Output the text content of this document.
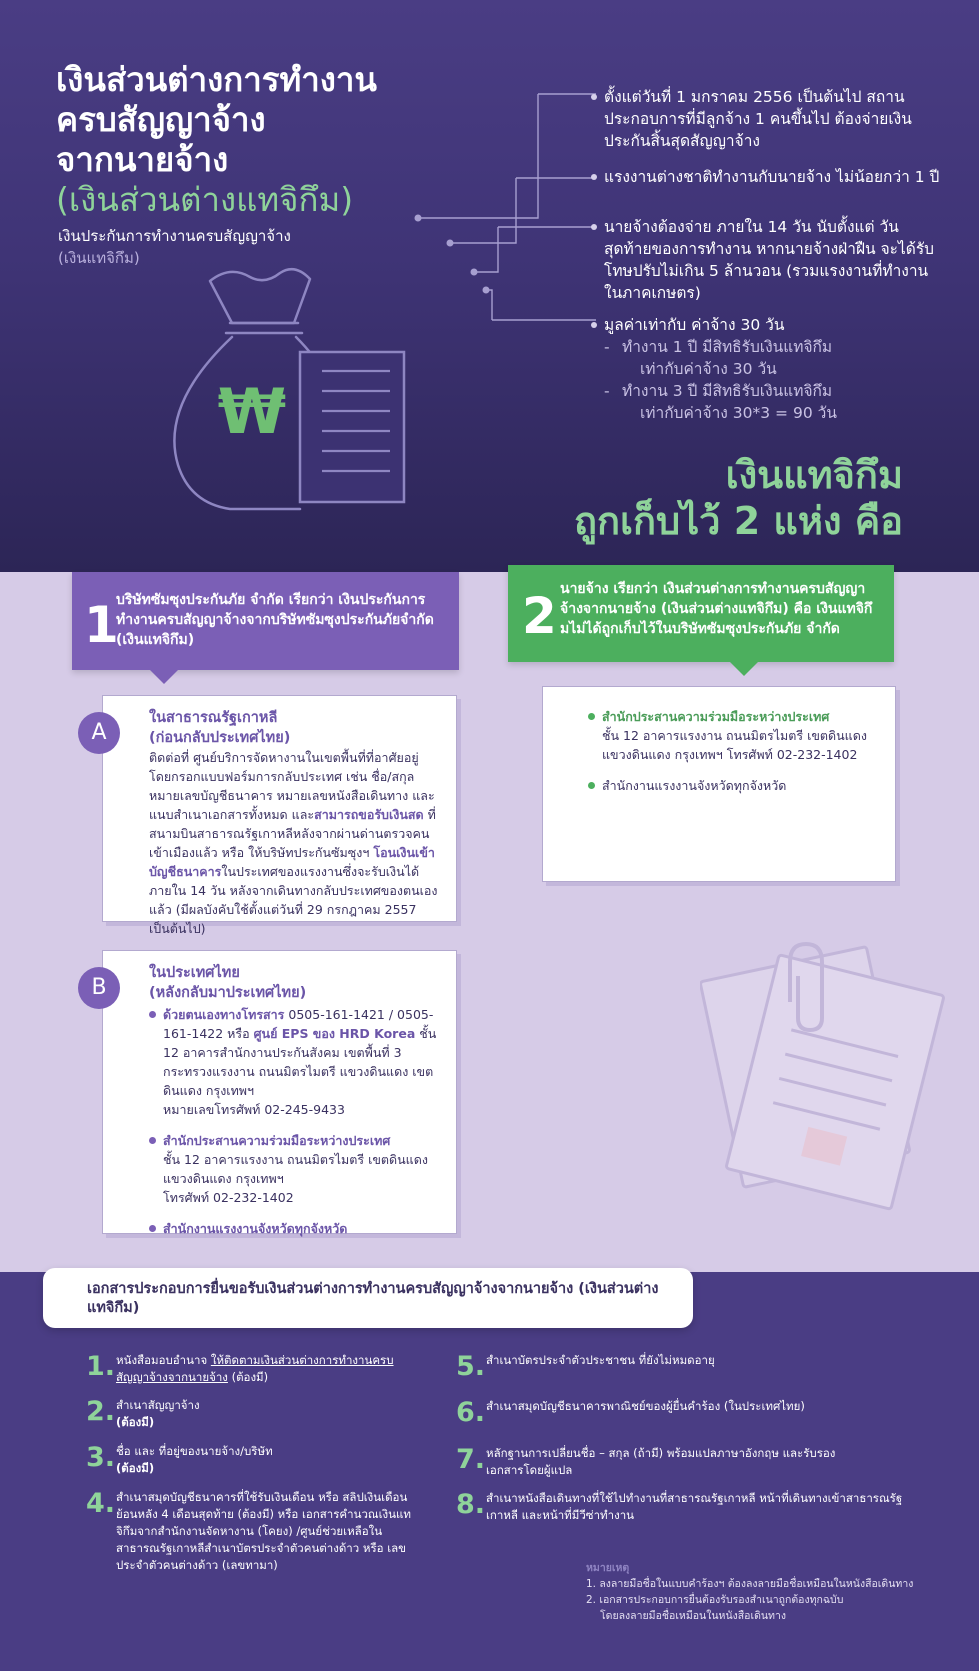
เงินส่วนต่างการทำงาน
ครบสัญญาจ้าง
จากนายจ้าง
(เงินส่วนต่างแทจิกึม)
เงินประกันการทำงานครบสัญญาจ้าง
(เงินแทจิกึม)
₩
ตั้งแต่วันที่ 1 มกราคม 2556 เป็นต้นไป สถานประกอบการที่มีลูกจ้าง 1 คนขึ้นไป ต้องจ่ายเงินประกันสิ้นสุดสัญญาจ้าง
แรงงานต่างชาติทำงานกับนายจ้าง ไม่น้อยกว่า 1 ปี
นายจ้างต้องจ่าย ภายใน 14 วัน นับตั้งแต่ วันสุดท้ายของการทำงาน หากนายจ้างฝ่าฝืน จะได้รับโทษปรับไม่เกิน 5 ล้านวอน (รวมแรงงานที่ทำงานในภาคเกษตร)
มูลค่าเท่ากับ ค่าจ้าง 30 วัน
- ทำงาน 1 ปี มีสิทธิรับเงินแทจิกึม
เท่ากับค่าจ้าง 30 วัน
- ทำงาน 3 ปี มีสิทธิรับเงินแทจิกึม
เท่ากับค่าจ้าง 30*3 = 90 วัน
เงินแทจิกึม
ถูกเก็บไว้ 2 แห่ง คือ
1
บริษัทซัมซุงประกันภัย จำกัด เรียกว่า เงินประกันการทำงานครบสัญญาจ้างจากบริษัทซัมซุงประกันภัยจำกัด (เงินแทจิกึม)	2 นายจ้าง เรียกว่า เงินส่วนต่างการทำงานครบสัญญาจ้างจากนายจ้าง (เงินส่วนต่างแทจิกึม) คือ เงินแทจิกึมไม่ได้ถูกเก็บไว้ในบริษัทซัมซุงประกันภัย จำกัด
ในสาธารณรัฐเกาหลี
(ก่อนกลับประเทศไทย)
ติดต่อที่ ศูนย์บริการจัดหางานในเขตพื้นที่ที่อาศัยอยู่ โดยกรอกแบบฟอร์มการกลับประเทศ เช่น ชื่อ/สกุล หมายเลขบัญชีธนาคาร หมายเลขหนังสือเดินทาง และแนบสำเนาเอกสารทั้งหมด และสามารถขอรับเงินสด ที่สนามบินสาธารณรัฐเกาหลีหลังจากผ่านด่านตรวจคนเข้าเมืองแล้ว หรือ ให้บริษัทประกันซัมซุงฯ โอนเงินเข้าบัญชีธนาคารในประเทศของแรงงานซึ่งจะรับเงินได้ภายใน 14 วัน หลังจากเดินทางกลับประเทศของตนเองแล้ว (มีผลบังคับใช้ตั้งแต่วันที่ 29 กรกฎาคม 2557 เป็นต้นไป)
A
ในประเทศไทย
(หลังกลับมาประเทศไทย)
ด้วยตนเองทางโทรสาร 0505-161-1421 / 0505-161-1422 หรือ ศูนย์ EPS ของ HRD Korea ชั้น 12 อาคารสำนักงานประกันสังคม เขตพื้นที่ 3 กระทรวงแรงงาน ถนนมิตรไมตรี แขวงดินแดง เขตดินแดง กรุงเทพฯ
หมายเลขโทรศัพท์ 02-245-9433
สำนักประสานความร่วมมือระหว่างประเทศ
ชั้น 12 อาคารแรงงาน ถนนมิตรไมตรี เขตดินแดง แขวงดินแดง กรุงเทพฯ
โทรศัพท์ 02-232-1402
สำนักงานแรงงานจังหวัดทุกจังหวัด
B
สำนักประสานความร่วมมือระหว่างประเทศ
ชั้น 12 อาคารแรงงาน ถนนมิตรไมตรี เขตดินแดง แขวงดินแดง กรุงเทพฯ โทรศัพท์ 02-232-1402
สำนักงานแรงงานจังหวัดทุกจังหวัด
เอกสารประกอบการยื่นขอรับเงินส่วนต่างการทำงานครบสัญญาจ้างจากนายจ้าง (เงินส่วนต่างแทจิกึม)
1. หนังสือมอบอำนาจ ให้ติดตามเงินส่วนต่างการทำงานครบสัญญาจ้างจากนายจ้าง (ต้องมี)
2. สำเนาสัญญาจ้าง
(ต้องมี)
3. ชื่อ และ ที่อยู่ของนายจ้าง/บริษัท
(ต้องมี)
4. สำเนาสมุดบัญชีธนาคารที่ใช้รับเงินเดือน หรือ สลิปเงินเดือนย้อนหลัง 4 เดือนสุดท้าย (ต้องมี) หรือ เอกสารคำนวณเงินแทจิกึมจากสำนักงานจัดหางาน (โคยง) /ศูนย์ช่วยเหลือในสาธารณรัฐเกาหลีสำเนาบัตรประจำตัวคนต่างด้าว หรือ เลขประจำตัวคนต่างด้าว (เลขทามา)
5. สำเนาบัตรประจำตัวประชาชน ที่ยังไม่หมดอายุ
6. สำเนาสมุดบัญชีธนาคารพาณิชย์ของผู้ยื่นคำร้อง (ในประเทศไทย)
7. หลักฐานการเปลี่ยนชื่อ – สกุล (ถ้ามี) พร้อมแปลภาษาอังกฤษ และรับรองเอกสารโดยผู้แปล
8. สำเนาหนังสือเดินทางที่ใช้ไปทำงานที่สาธารณรัฐเกาหลี หน้าที่เดินทางเข้าสาธารณรัฐเกาหลี และหน้าที่มีวีซ่าทำงาน
หมายเหตุ
1. ลงลายมือชื่อในแบบคำร้องฯ ต้องลงลายมือชื่อเหมือนในหนังสือเดินทาง
2. เอกสารประกอบการยื่นต้องรับรองสำเนาถูกต้องทุกฉบับ
โดยลงลายมือชื่อเหมือนในหนังสือเดินทาง
